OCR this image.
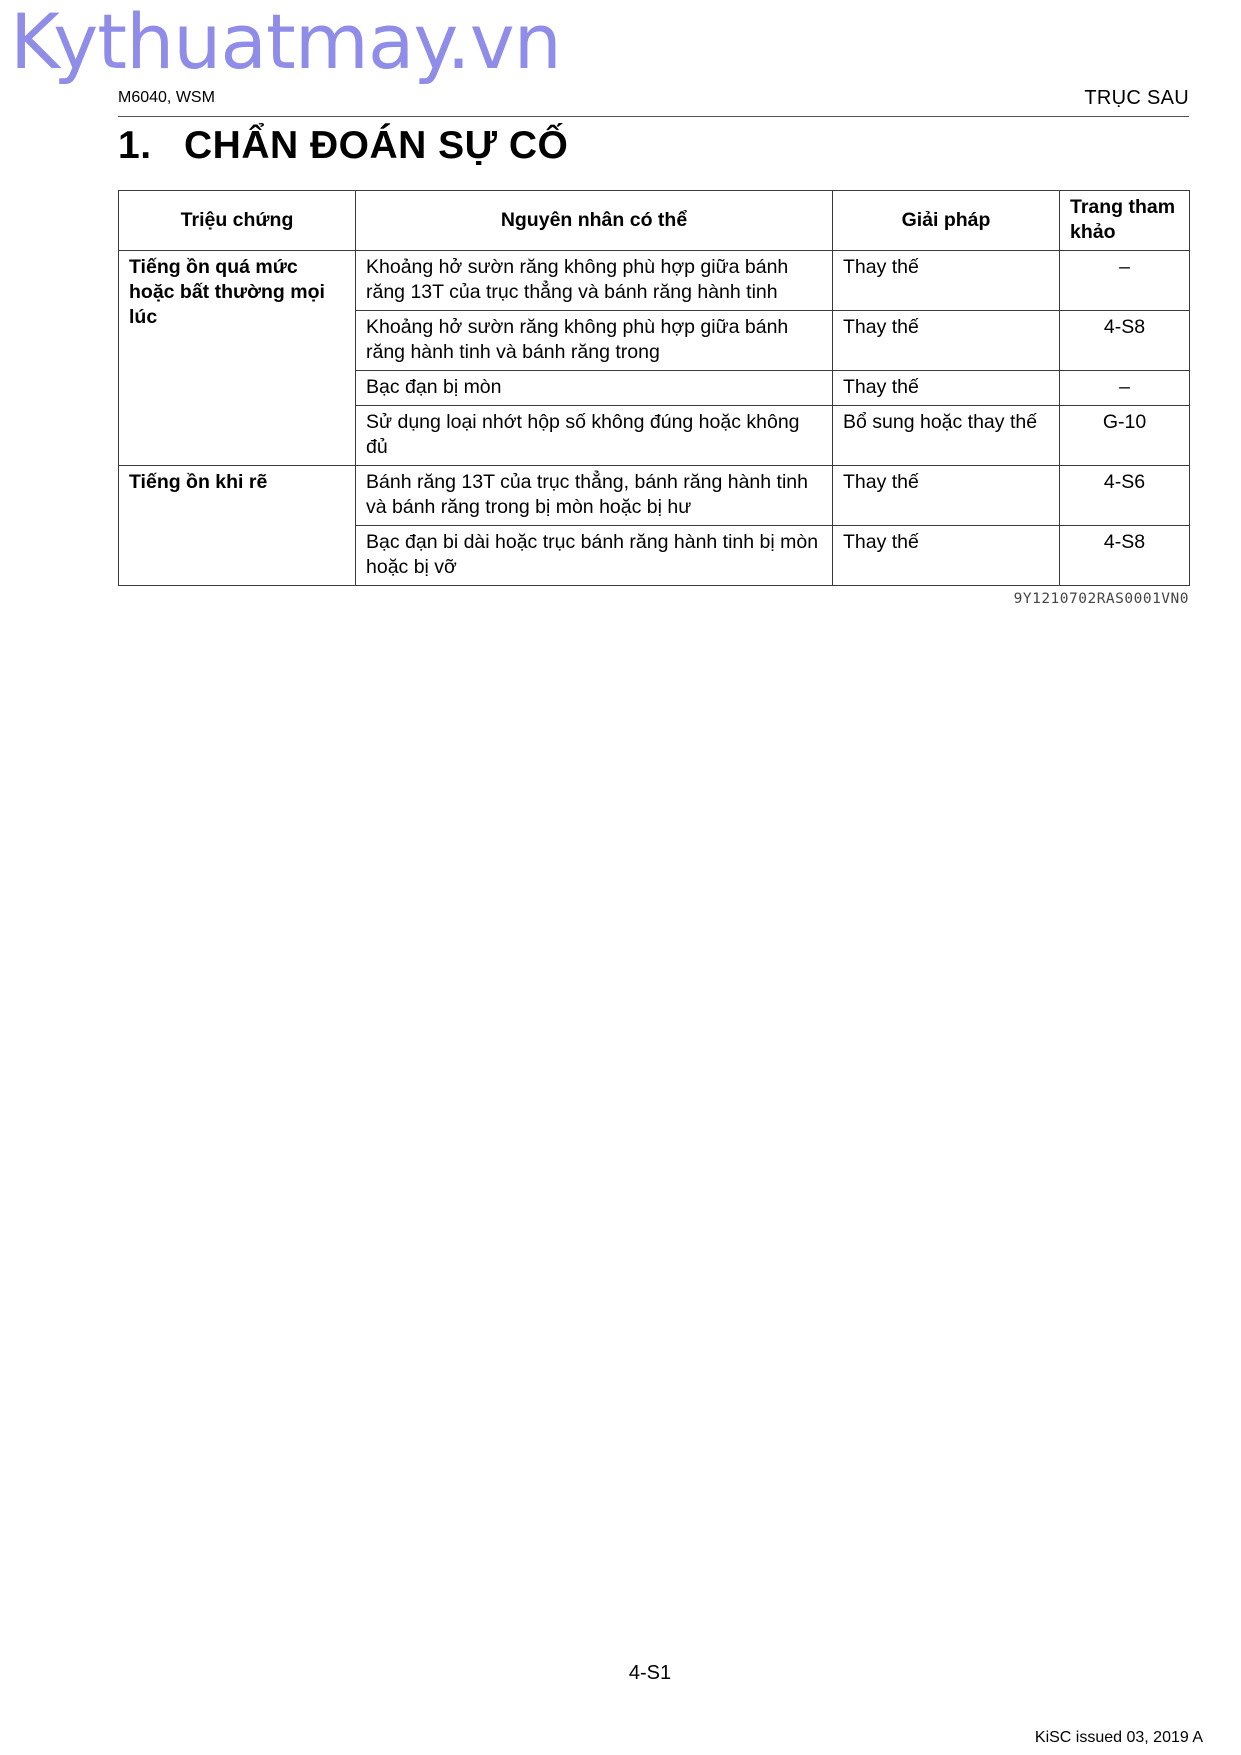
Kythuatmay.vn
M6040, WSM	TRỤC SAU
1. CHẨN ĐOÁN SỰ CỐ
Triệu chứng	Nguyên nhân có thể	Giải pháp	Trang tham khảo
Tiếng ồn quá mức hoặc bất thường mọi lúc	Khoảng hở sườn răng không phù hợp giữa bánh răng 13T của trục thẳng và bánh răng hành tinh	Thay thế	–
	Khoảng hở sườn răng không phù hợp giữa bánh răng hành tinh và bánh răng trong	Thay thế	4-S8
	Bạc đạn bị mòn	Thay thế	–
	Sử dụng loại nhớt hộp số không đúng hoặc không đủ	Bổ sung hoặc thay thế	G-10
Tiếng ồn khi rẽ	Bánh răng 13T của trục thẳng, bánh răng hành tinh và bánh răng trong bị mòn hoặc bị hư	Thay thế	4-S6
	Bạc đạn bi dài hoặc trục bánh răng hành tinh bị mòn hoặc bị vỡ	Thay thế	4-S8
9Y1210702RAS0001VN0
4-S1
KiSC issued 03, 2019 A
